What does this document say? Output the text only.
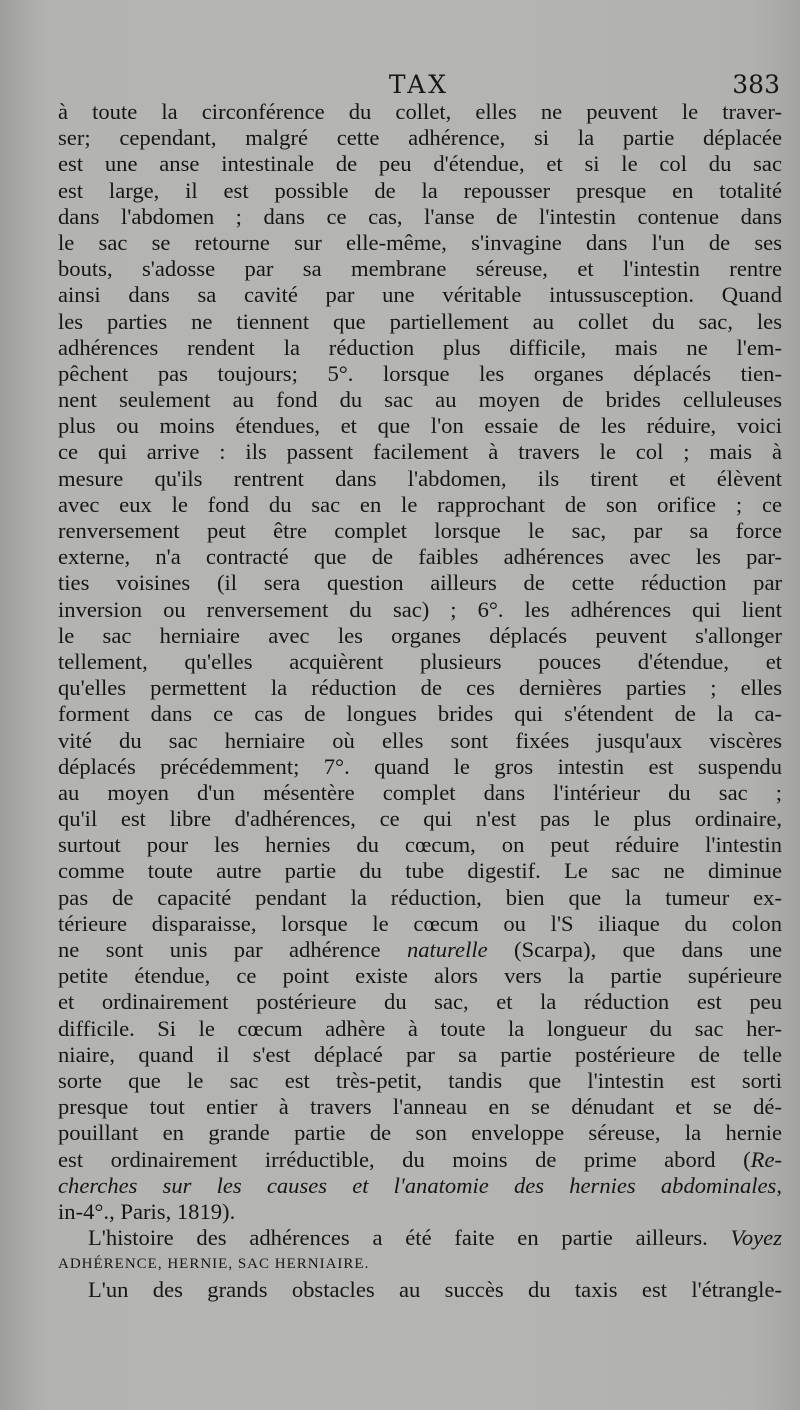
TAX	383
à toute la circonférence du collet, elles ne peuvent le traver-
ser; cependant, malgré cette adhérence, si la partie déplacée
est une anse intestinale de peu d'étendue, et si le col du sac
est large, il est possible de la repousser presque en totalité
dans l'abdomen ; dans ce cas, l'anse de l'intestin contenue dans
le sac se retourne sur elle-même, s'invagine dans l'un de ses
bouts, s'adosse par sa membrane séreuse, et l'intestin rentre
ainsi dans sa cavité par une véritable intussusception. Quand
les parties ne tiennent que partiellement au collet du sac, les
adhérences rendent la réduction plus difficile, mais ne l'em-
pêchent pas toujours; 5°. lorsque les organes déplacés tien-
nent seulement au fond du sac au moyen de brides celluleuses
plus ou moins étendues, et que l'on essaie de les réduire, voici
ce qui arrive : ils passent facilement à travers le col ; mais à
mesure qu'ils rentrent dans l'abdomen, ils tirent et élèvent
avec eux le fond du sac en le rapprochant de son orifice ; ce
renversement peut être complet lorsque le sac, par sa force
externe, n'a contracté que de faibles adhérences avec les par-
ties voisines (il sera question ailleurs de cette réduction par
inversion ou renversement du sac) ; 6°. les adhérences qui lient
le sac herniaire avec les organes déplacés peuvent s'allonger
tellement, qu'elles acquièrent plusieurs pouces d'étendue, et
qu'elles permettent la réduction de ces dernières parties ; elles
forment dans ce cas de longues brides qui s'étendent de la ca-
vité du sac herniaire où elles sont fixées jusqu'aux viscères
déplacés précédemment; 7°. quand le gros intestin est suspendu
au moyen d'un mésentère complet dans l'intérieur du sac ;
qu'il est libre d'adhérences, ce qui n'est pas le plus ordinaire,
surtout pour les hernies du cœcum, on peut réduire l'intestin
comme toute autre partie du tube digestif. Le sac ne diminue
pas de capacité pendant la réduction, bien que la tumeur ex-
térieure disparaisse, lorsque le cœcum ou l'S iliaque du colon
ne sont unis par adhérence naturelle (Scarpa), que dans une
petite étendue, ce point existe alors vers la partie supérieure
et ordinairement postérieure du sac, et la réduction est peu
difficile. Si le cœcum adhère à toute la longueur du sac her-
niaire, quand il s'est déplacé par sa partie postérieure de telle
sorte que le sac est très-petit, tandis que l'intestin est sorti
presque tout entier à travers l'anneau en se dénudant et se dé-
pouillant en grande partie de son enveloppe séreuse, la hernie
est ordinairement irréductible, du moins de prime abord (Re-
cherches sur les causes et l'anatomie des hernies abdominales,
in-4°., Paris, 1819).
L'histoire des adhérences a été faite en partie ailleurs. Voyez
ADHÉRENCE, HERNIE, SAC HERNIAIRE.
L'un des grands obstacles au succès du taxis est l'étrangle-
